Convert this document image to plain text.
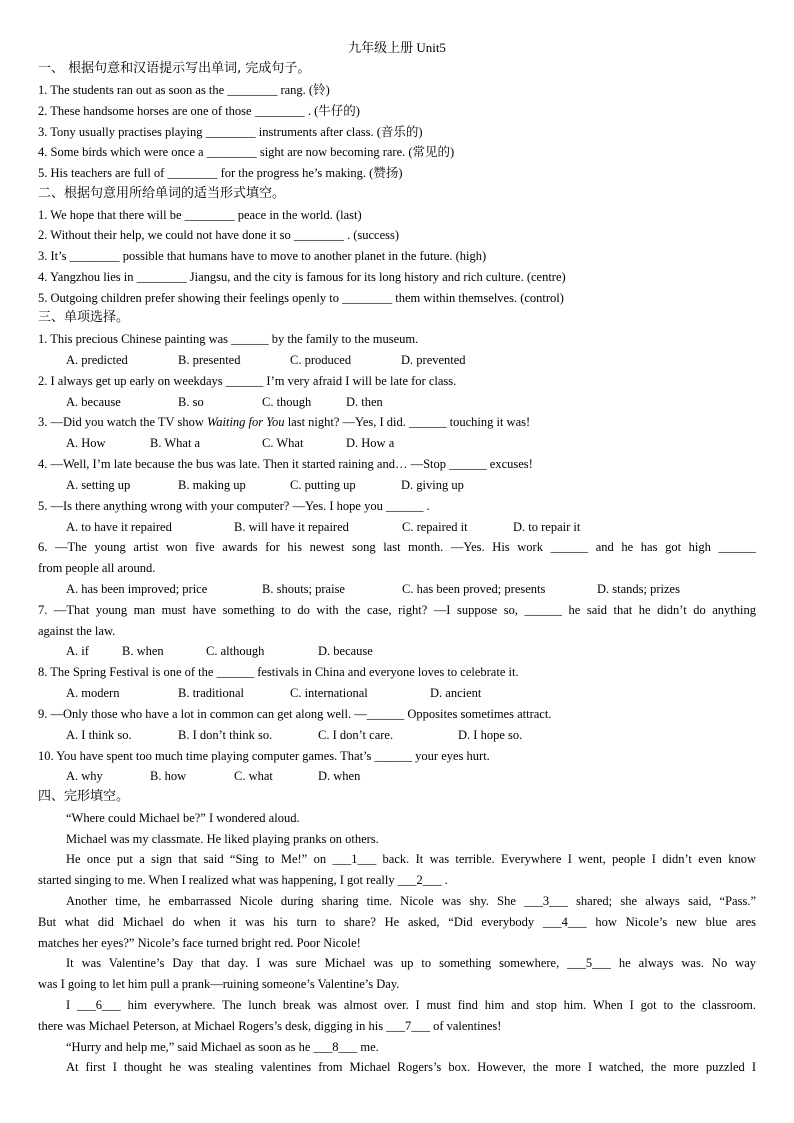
九年级上册 Unit5
一、 根据句意和汉语提示写出单词, 完成句子。
1. The students ran out as soon as the ________ rang. (铃)
2. These handsome horses are one of those ________ . (牛仔的)
3. Tony usually practises playing ________ instruments after class. (音乐的)
4. Some birds which were once a ________ sight are now becoming rare. (常见的)
5. His teachers are full of ________ for the progress he’s making. (赞扬)
二、根据句意用所给单词的适当形式填空。
1. We hope that there will be ________ peace in the world. (last)
2. Without their help, we could not have done it so ________ . (success)
3. It’s ________ possible that humans have to move to another planet in the future. (high)
4. Yangzhou lies in ________ Jiangsu, and the city is famous for its long history and rich culture. (centre)
5. Outgoing children prefer showing their feelings openly to ________ them within themselves. (control)
三、单项选择。
1. This precious Chinese painting was ______ by the family to the museum.
A. predicted	B. presented	C. produced	D. prevented
2. I always get up early on weekdays ______ I’m very afraid I will be late for class.
A. because	B. so	C. though	D. then
3. —Did you watch the TV show Waiting for You last night? —Yes, I did. ______ touching it was!
A. How	B. What a	C. What	D. How a
4. —Well, I’m late because the bus was late. Then it started raining and… —Stop ______ excuses!
A. setting up	B. making up	C. putting up	D. giving up
5. —Is there anything wrong with your computer? —Yes. I hope you ______ .
A. to have it repaired	B. will have it repaired	C. repaired it	D. to repair it
6. —The young artist won five awards for his newest song last month. —Yes. His work ______ and he has got high ______
from people all around.
A. has been improved; price	B. shouts; praise	C. has been proved; presents	D. stands; prizes
7. —That young man must have something to do with the case, right? —I suppose so, ______ he said that he didn’t do anything
against the law.
A. if	B. when	C. although	D. because
8. The Spring Festival is one of the ______ festivals in China and everyone loves to celebrate it.
A. modern	B. traditional	C. international	D. ancient
9. —Only those who have a lot in common can get along well. —______ Opposites sometimes attract.
A. I think so.	B. I don’t think so.	C. I don’t care.	D. I hope so.
10. You have spent too much time playing computer games. That’s ______ your eyes hurt.
A. why	B. how	C. what	D. when
四、完形填空。
“Where could Michael be?” I wondered aloud.
Michael was my classmate. He liked playing pranks on others.
He once put a sign that said “Sing to Me!” on ___1___ back. It was terrible. Everywhere I went, people I didn’t even know
started singing to me. When I realized what was happening, I got really ___2___ .
Another time, he embarrassed Nicole during sharing time. Nicole was shy. She ___3___ shared; she always said, “Pass.”
But what did Michael do when it was his turn to share? He asked, “Did everybody ___4___ how Nicole’s new blue ares
matches her eyes?” Nicole’s face turned bright red. Poor Nicole!
It was Valentine’s Day that day. I was sure Michael was up to something somewhere, ___5___ he always was. No way
was I going to let him pull a prank—ruining someone’s Valentine’s Day.
I ___6___ him everywhere. The lunch break was almost over. I must find him and stop him. When I got to the classroom.
there was Michael Peterson, at Michael Rogers’s desk, digging in his ___7___ of valentines!
“Hurry and help me,” said Michael as soon as he ___8___ me.
At first I thought he was stealing valentines from Michael Rogers’s box. However, the more I watched, the more puzzled I
